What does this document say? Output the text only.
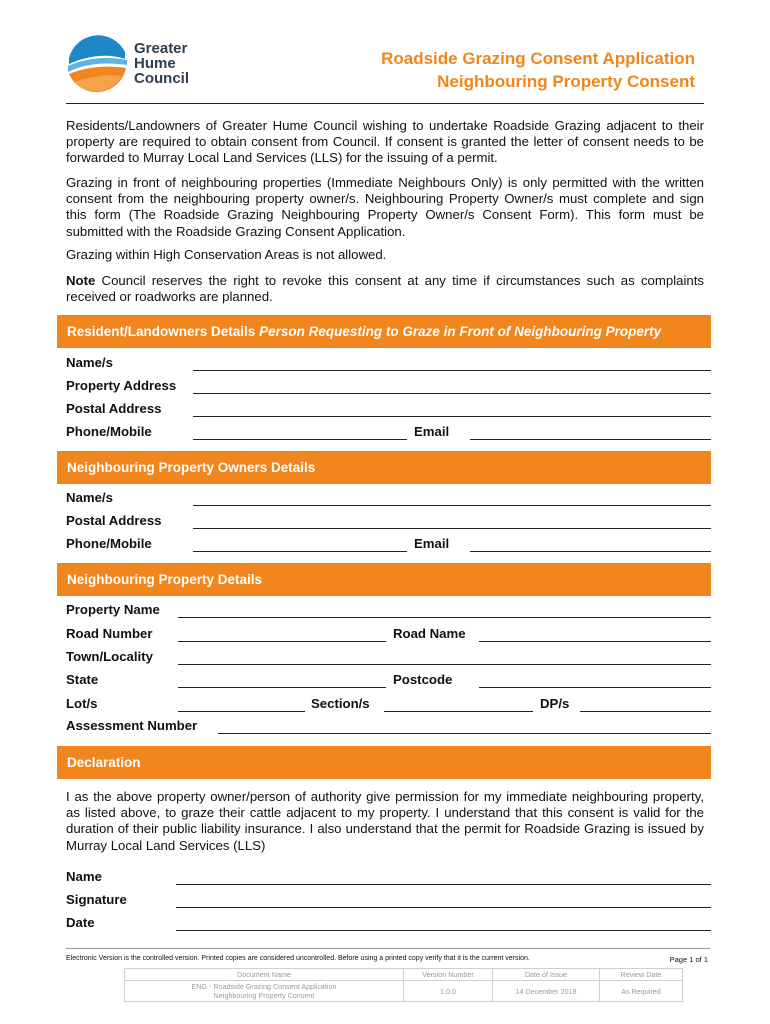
Greater
Hume
Council
Roadside Grazing Consent Application
Neighbouring Property Consent
Residents/Landowners of Greater Hume Council wishing to undertake Roadside Grazing adjacent to their property are required to obtain consent from Council. If consent is granted the letter of consent needs to be forwarded to Murray Local Land Services (LLS) for the issuing of a permit.
Grazing in front of neighbouring properties (Immediate Neighbours Only) is only permitted with the written consent from the neighbouring property owner/s. Neighbouring Property Owner/s must complete and sign this form (The Roadside Grazing Neighbouring Property Owner/s Consent Form). This form must be submitted with the Roadside Grazing Consent Application.
Grazing within High Conservation Areas is not allowed.
Note Council reserves the right to revoke this consent at any time if circumstances such as complaints received or roadworks are planned.
Resident/Landowners Details Person Requesting to Graze in Front of Neighbouring Property
Name/s
Property Address
Postal Address
Phone/Mobile	Email
Neighbouring Property Owners Details
Name/s
Postal Address
Phone/Mobile	Email
Neighbouring Property Details
Property Name
Road Number	Road Name
Town/Locality
State	Postcode
Lot/s	Section/s	DP/s
Assessment Number
Declaration
I as the above property owner/person of authority give permission for my immediate neighbouring property, as listed above, to graze their cattle adjacent to my property. I understand that this consent is valid for the duration of their public liability insurance. I also understand that the permit for Roadside Grazing is issued by Murray Local Land Services (LLS)
Name
Signature
Date
Electronic Version is the controlled version. Printed copies are considered uncontrolled. Before using a printed copy verify that it is the current version.	Page 1 of 1
Document Name	Version Number	Date of Issue	Review Date

ENG - Roadside Grazing Consent Application
Neighbouring Property Consent	1.0.0	14 December 2018	As Required
